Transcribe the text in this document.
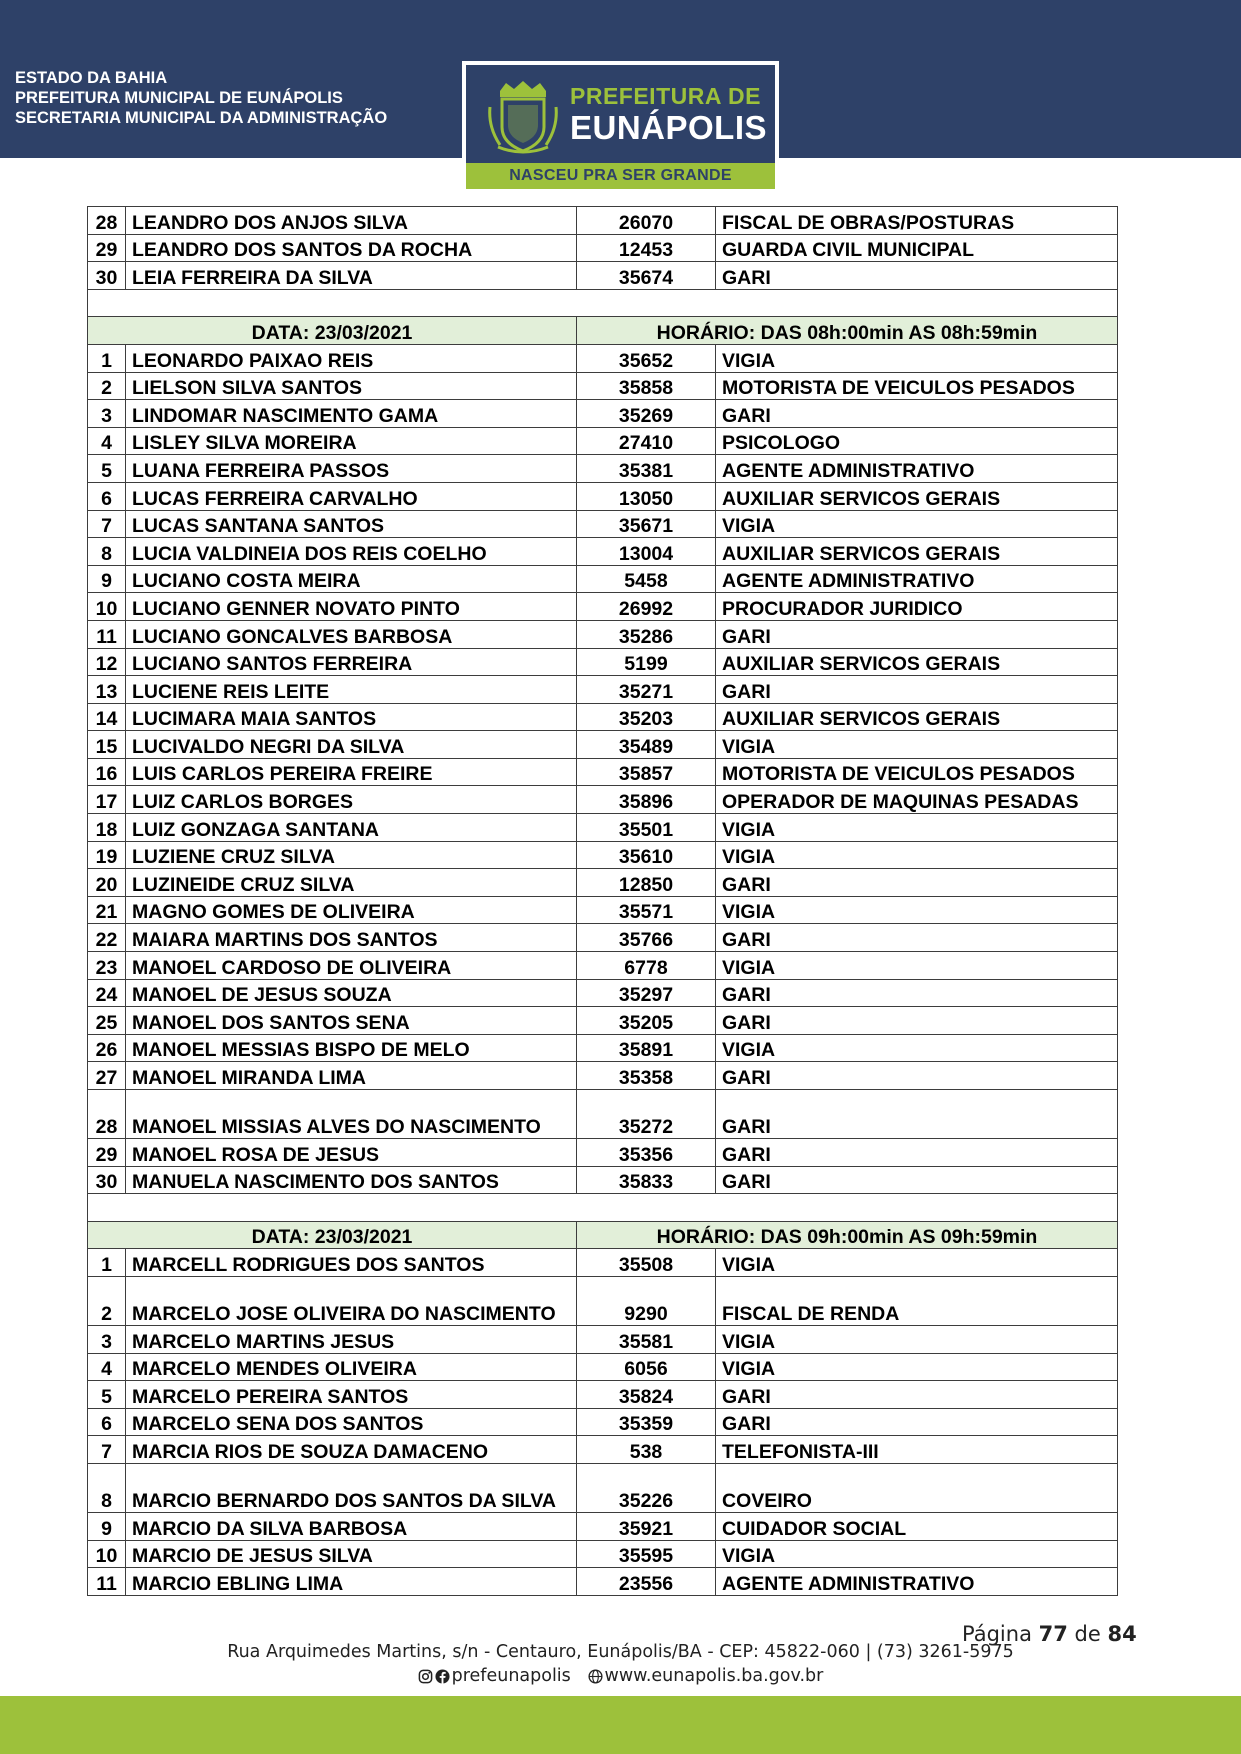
ESTADO DA BAHIA
PREFEITURA MUNICIPAL DE EUNÁPOLIS
SECRETARIA MUNICIPAL DA ADMINISTRAÇÃO
PREFEITURA DE
EUNÁPOLIS
NASCEU PRA SER GRANDE
28	LEANDRO DOS ANJOS SILVA	26070	FISCAL DE OBRAS/POSTURAS
29	LEANDRO DOS SANTOS DA ROCHA	12453	GUARDA CIVIL MUNICIPAL
30	LEIA FERREIRA DA SILVA	35674	GARI

DATA: 23/03/2021		HORÁRIO: DAS 08h:00min AS 08h:59min	
1	LEONARDO PAIXAO REIS	35652	VIGIA
2	LIELSON SILVA SANTOS	35858	MOTORISTA DE VEICULOS PESADOS
3	LINDOMAR NASCIMENTO GAMA	35269	GARI
4	LISLEY SILVA MOREIRA	27410	PSICOLOGO
5	LUANA FERREIRA PASSOS	35381	AGENTE ADMINISTRATIVO
6	LUCAS FERREIRA CARVALHO	13050	AUXILIAR SERVICOS GERAIS
7	LUCAS SANTANA SANTOS	35671	VIGIA
8	LUCIA VALDINEIA DOS REIS COELHO	13004	AUXILIAR SERVICOS GERAIS
9	LUCIANO COSTA MEIRA	5458	AGENTE ADMINISTRATIVO
10	LUCIANO GENNER NOVATO PINTO	26992	PROCURADOR JURIDICO
11	LUCIANO GONCALVES BARBOSA	35286	GARI
12	LUCIANO SANTOS FERREIRA	5199	AUXILIAR SERVICOS GERAIS
13	LUCIENE REIS LEITE	35271	GARI
14	LUCIMARA MAIA SANTOS	35203	AUXILIAR SERVICOS GERAIS
15	LUCIVALDO NEGRI DA SILVA	35489	VIGIA
16	LUIS CARLOS PEREIRA FREIRE	35857	MOTORISTA DE VEICULOS PESADOS
17	LUIZ CARLOS BORGES	35896	OPERADOR DE MAQUINAS PESADAS
18	LUIZ GONZAGA SANTANA	35501	VIGIA
19	LUZIENE CRUZ SILVA	35610	VIGIA
20	LUZINEIDE CRUZ SILVA	12850	GARI
21	MAGNO GOMES DE OLIVEIRA	35571	VIGIA
22	MAIARA MARTINS DOS SANTOS	35766	GARI
23	MANOEL CARDOSO DE OLIVEIRA	6778	VIGIA
24	MANOEL DE JESUS SOUZA	35297	GARI
25	MANOEL DOS SANTOS SENA	35205	GARI
26	MANOEL MESSIAS BISPO DE MELO	35891	VIGIA
27	MANOEL MIRANDA LIMA	35358	GARI
28	MANOEL MISSIAS ALVES DO NASCIMENTO	35272	GARI
29	MANOEL ROSA DE JESUS	35356	GARI
30	MANUELA NASCIMENTO DOS SANTOS	35833	GARI

DATA: 23/03/2021		HORÁRIO: DAS 09h:00min AS 09h:59min	
1	MARCELL RODRIGUES DOS SANTOS	35508	VIGIA
2	MARCELO JOSE OLIVEIRA DO NASCIMENTO	9290	FISCAL DE RENDA
3	MARCELO MARTINS JESUS	35581	VIGIA
4	MARCELO MENDES OLIVEIRA	6056	VIGIA
5	MARCELO PEREIRA SANTOS	35824	GARI
6	MARCELO SENA DOS SANTOS	35359	GARI
7	MARCIA RIOS DE SOUZA DAMACENO	538	TELEFONISTA-III
8	MARCIO BERNARDO DOS SANTOS DA SILVA	35226	COVEIRO
9	MARCIO DA SILVA BARBOSA	35921	CUIDADOR SOCIAL
10	MARCIO DE JESUS SILVA	35595	VIGIA
11	MARCIO EBLING LIMA	23556	AGENTE ADMINISTRATIVO
Página 77 de 84
Rua Arquimedes Martins, s/n - Centauro, Eunápolis/BA - CEP: 45822-060 | (73) 3261-5975
prefeunapolis www.eunapolis.ba.gov.br
